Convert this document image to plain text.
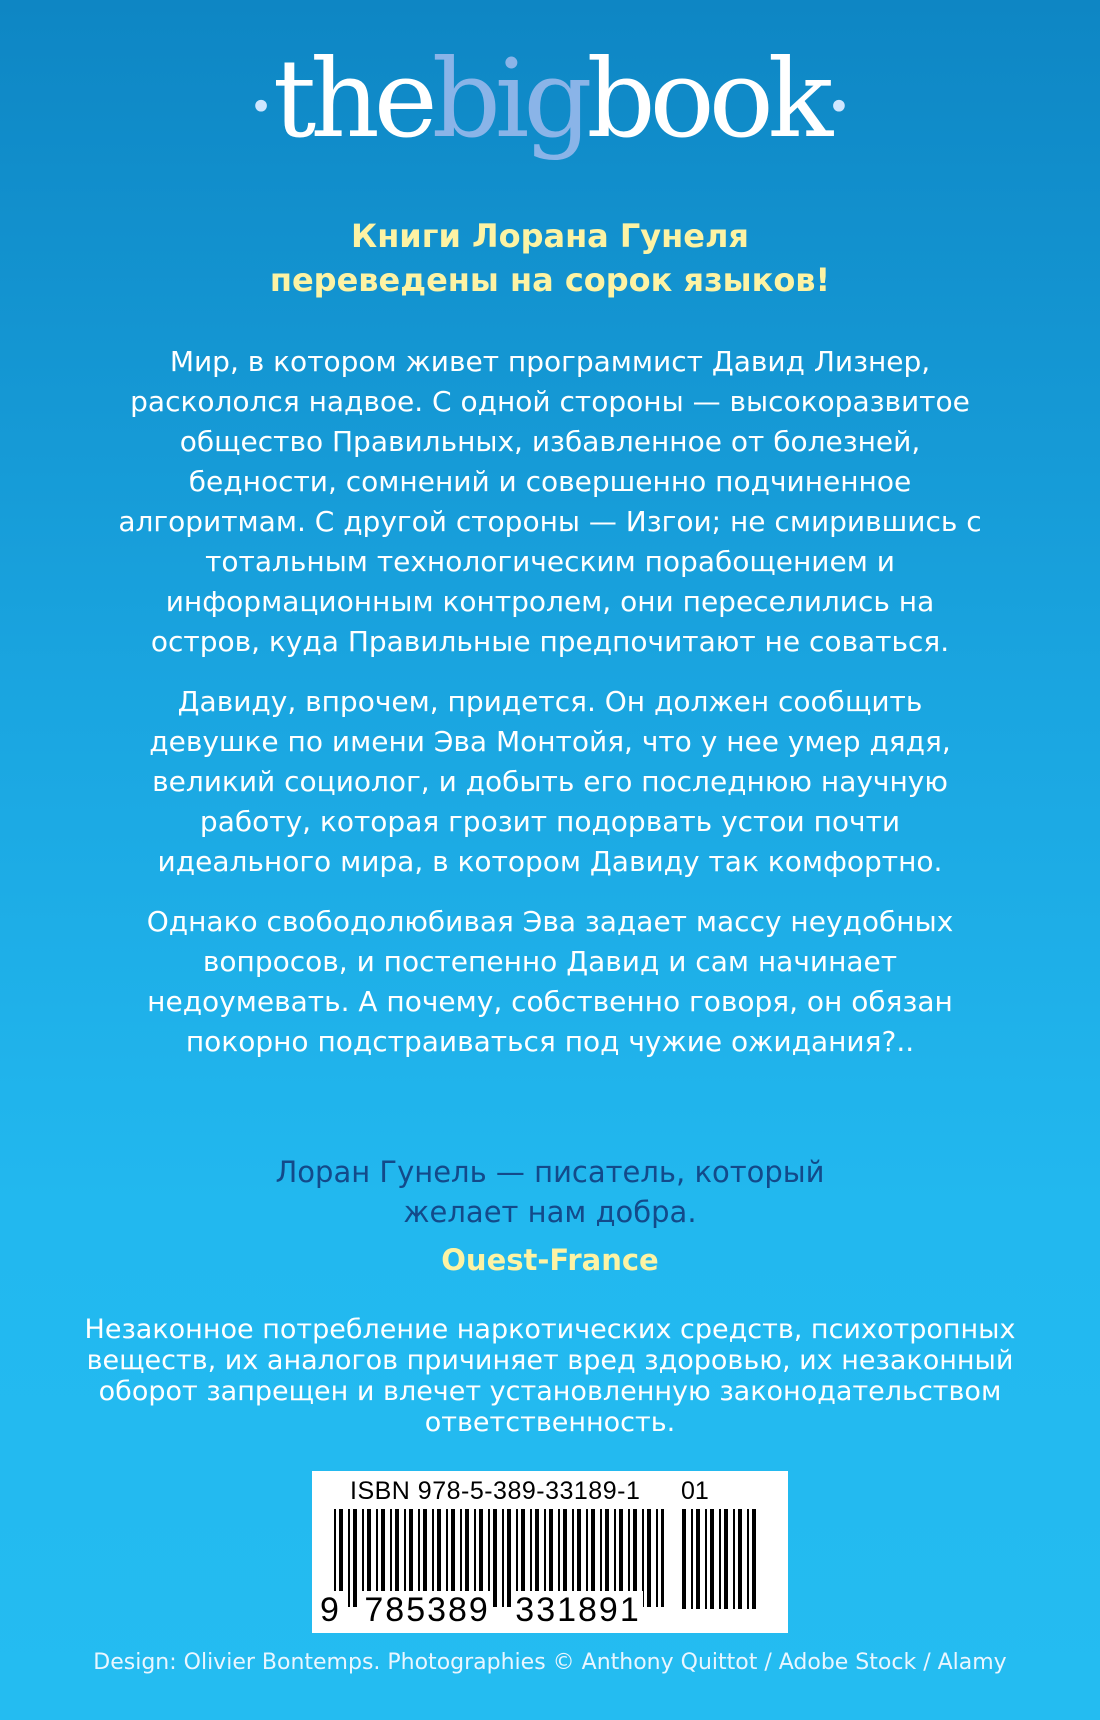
•thebigbook•
Книги Лорана Гунеля
переведены на сорок языков!

Мир, в котором живет программист Давид Лизнер, раскололся надвое. С одной стороны — высокоразвитое общество Правильных, избавленное от болезней, бедности, сомнений и совершенно подчиненное алгоритмам. С другой стороны — Изгои; не смирившись с тотальным технологическим порабощением и информационным контролем, они переселились на остров, куда Правильные предпочитают не соваться.

Давиду, впрочем, придется. Он должен сообщить девушке по имени Эва Монтойя, что у нее умер дядя, великий социолог, и добыть его последнюю научную работу, которая грозит подорвать устои почти идеального мира, в котором Давиду так комфортно.

Однако свободолюбивая Эва задает массу неудобных вопросов, и постепенно Давид и сам начинает недоумевать. А почему, собственно говоря, он обязан покорно подстраиваться под чужие ожидания?..

Лоран Гунель — писатель, который
желает нам добра.
Ouest-France
Незаконное потребление наркотических средств, психотропных веществ, их аналогов причиняет вред здоровью, их незаконный оборот запрещен и влечет установленную законодательством ответственность.
ISBN 978-5-389-33189-1 01
9 785389 331891
Design: Olivier Bontemps. Photographies © Anthony Quittot / Adobe Stock / Alamy
